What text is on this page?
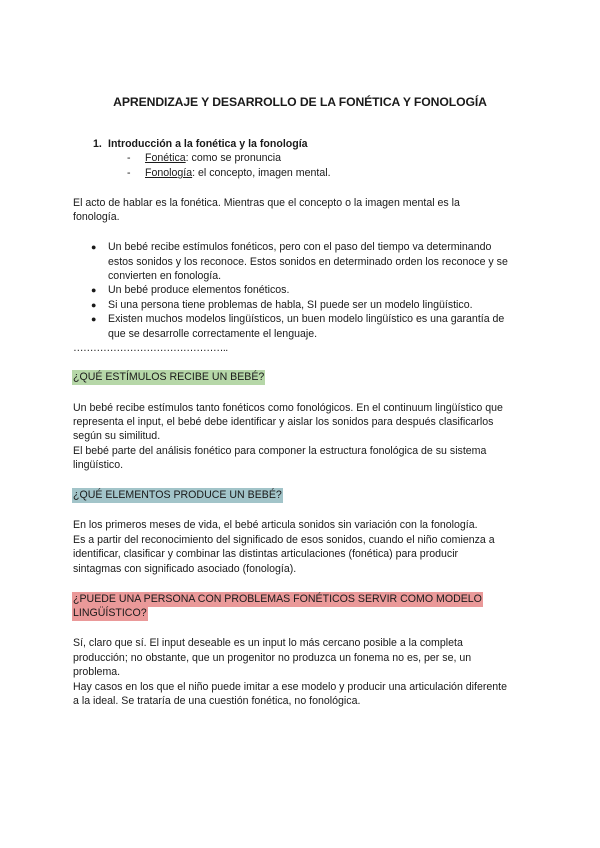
APRENDIZAJE Y DESARROLLO DE LA FONÉTICA Y FONOLOGÍA
1. Introducción a la fonética y la fonología
- Fonética: como se pronuncia
- Fonología: el concepto, imagen mental.
El acto de hablar es la fonética. Mientras que el concepto o la imagen mental es la
fonología.
● Un bebé recibe estímulos fonéticos, pero con el paso del tiempo va determinando
estos sonidos y los reconoce. Estos sonidos en determinado orden los reconoce y se
convierten en fonología.
● Un bebé produce elementos fonéticos.
● Si una persona tiene problemas de habla, SI puede ser un modelo lingüístico.
● Existen muchos modelos lingüísticos, un buen modelo lingüístico es una garantía de
que se desarrolle correctamente el lenguaje.
………………………………………..
¿QUÉ ESTÍMULOS RECIBE UN BEBÉ?
Un bebé recibe estímulos tanto fonéticos como fonológicos. En el continuum lingüístico que
representa el input, el bebé debe identificar y aislar los sonidos para después clasificarlos
según su similitud.
El bebé parte del análisis fonético para componer la estructura fonológica de su sistema
lingüístico.
¿QUÉ ELEMENTOS PRODUCE UN BEBÉ?
En los primeros meses de vida, el bebé articula sonidos sin variación con la fonología.
Es a partir del reconocimiento del significado de esos sonidos, cuando el niño comienza a
identificar, clasificar y combinar las distintas articulaciones (fonética) para producir
sintagmas con significado asociado (fonología).
¿PUEDE UNA PERSONA CON PROBLEMAS FONÉTICOS SERVIR COMO MODELO
LINGÜÍSTICO?
Sí, claro que sí. El input deseable es un input lo más cercano posible a la completa
producción; no obstante, que un progenitor no produzca un fonema no es, per se, un
problema.
Hay casos en los que el niño puede imitar a ese modelo y producir una articulación diferente
a la ideal. Se trataría de una cuestión fonética, no fonológica.
